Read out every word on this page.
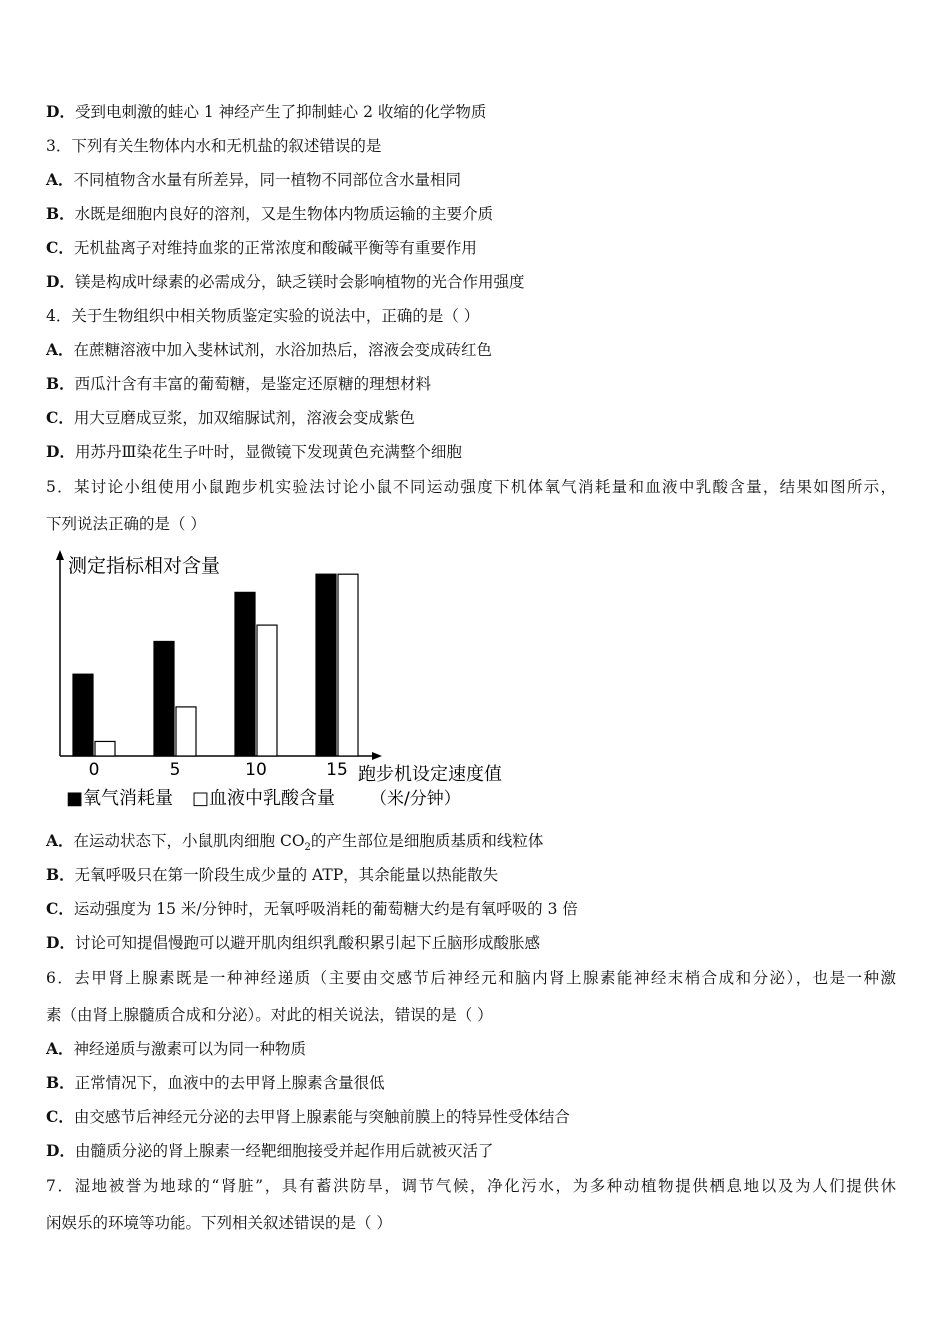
D．受到电刺激的蛙心 1 神经产生了抑制蛙心 2 收缩的化学物质
3．下列有关生物体内水和无机盐的叙述错误的是
A．不同植物含水量有所差异，同一植物不同部位含水量相同
B．水既是细胞内良好的溶剂，又是生物体内物质运输的主要介质
C．无机盐离子对维持血浆的正常浓度和酸碱平衡等有重要作用
D．镁是构成叶绿素的必需成分，缺乏镁时会影响植物的光合作用强度
4．关于生物组织中相关物质鉴定实验的说法中，正确的是（ ）
A．在蔗糖溶液中加入斐林试剂，水浴加热后，溶液会变成砖红色
B．西瓜汁含有丰富的葡萄糖，是鉴定还原糖的理想材料
C．用大豆磨成豆浆，加双缩脲试剂，溶液会变成紫色
D．用苏丹Ⅲ染花生子叶时，显微镜下发现黄色充满整个细胞
5．某讨论小组使用小鼠跑步机实验法讨论小鼠不同运动强度下机体氧气消耗量和血液中乳酸含量，结果如图所示，
下列说法正确的是（ ）
测定指标相对含量
跑步机设定速度值
（米/分钟）
■氧气消耗量 □血液中乳酸含量
0	5	10	15
A．在运动状态下，小鼠肌肉细胞 $CO_2$的产生部位是细胞质基质和线粒体
B．无氧呼吸只在第一阶段生成少量的 ATP，其余能量以热能散失
C．运动强度为 15 米/分钟时，无氧呼吸消耗的葡萄糖大约是有氧呼吸的 3 倍
D．讨论可知提倡慢跑可以避开肌肉组织乳酸积累引起下丘脑形成酸胀感
6．去甲肾上腺素既是一种神经递质（主要由交感节后神经元和脑内肾上腺素能神经末梢合成和分泌），也是一种激
素（由肾上腺髓质合成和分泌）。对此的相关说法，错误的是（ ）
A．神经递质与激素可以为同一种物质
B．正常情况下，血液中的去甲肾上腺素含量很低
C．由交感节后神经元分泌的去甲肾上腺素能与突触前膜上的特异性受体结合
D．由髓质分泌的肾上腺素一经靶细胞接受并起作用后就被灭活了
7．湿地被誉为地球的“肾脏”，具有蓄洪防旱，调节气候，净化污水，为多种动植物提供栖息地以及为人们提供休
闲娱乐的环境等功能。下列相关叙述错误的是（ ）
